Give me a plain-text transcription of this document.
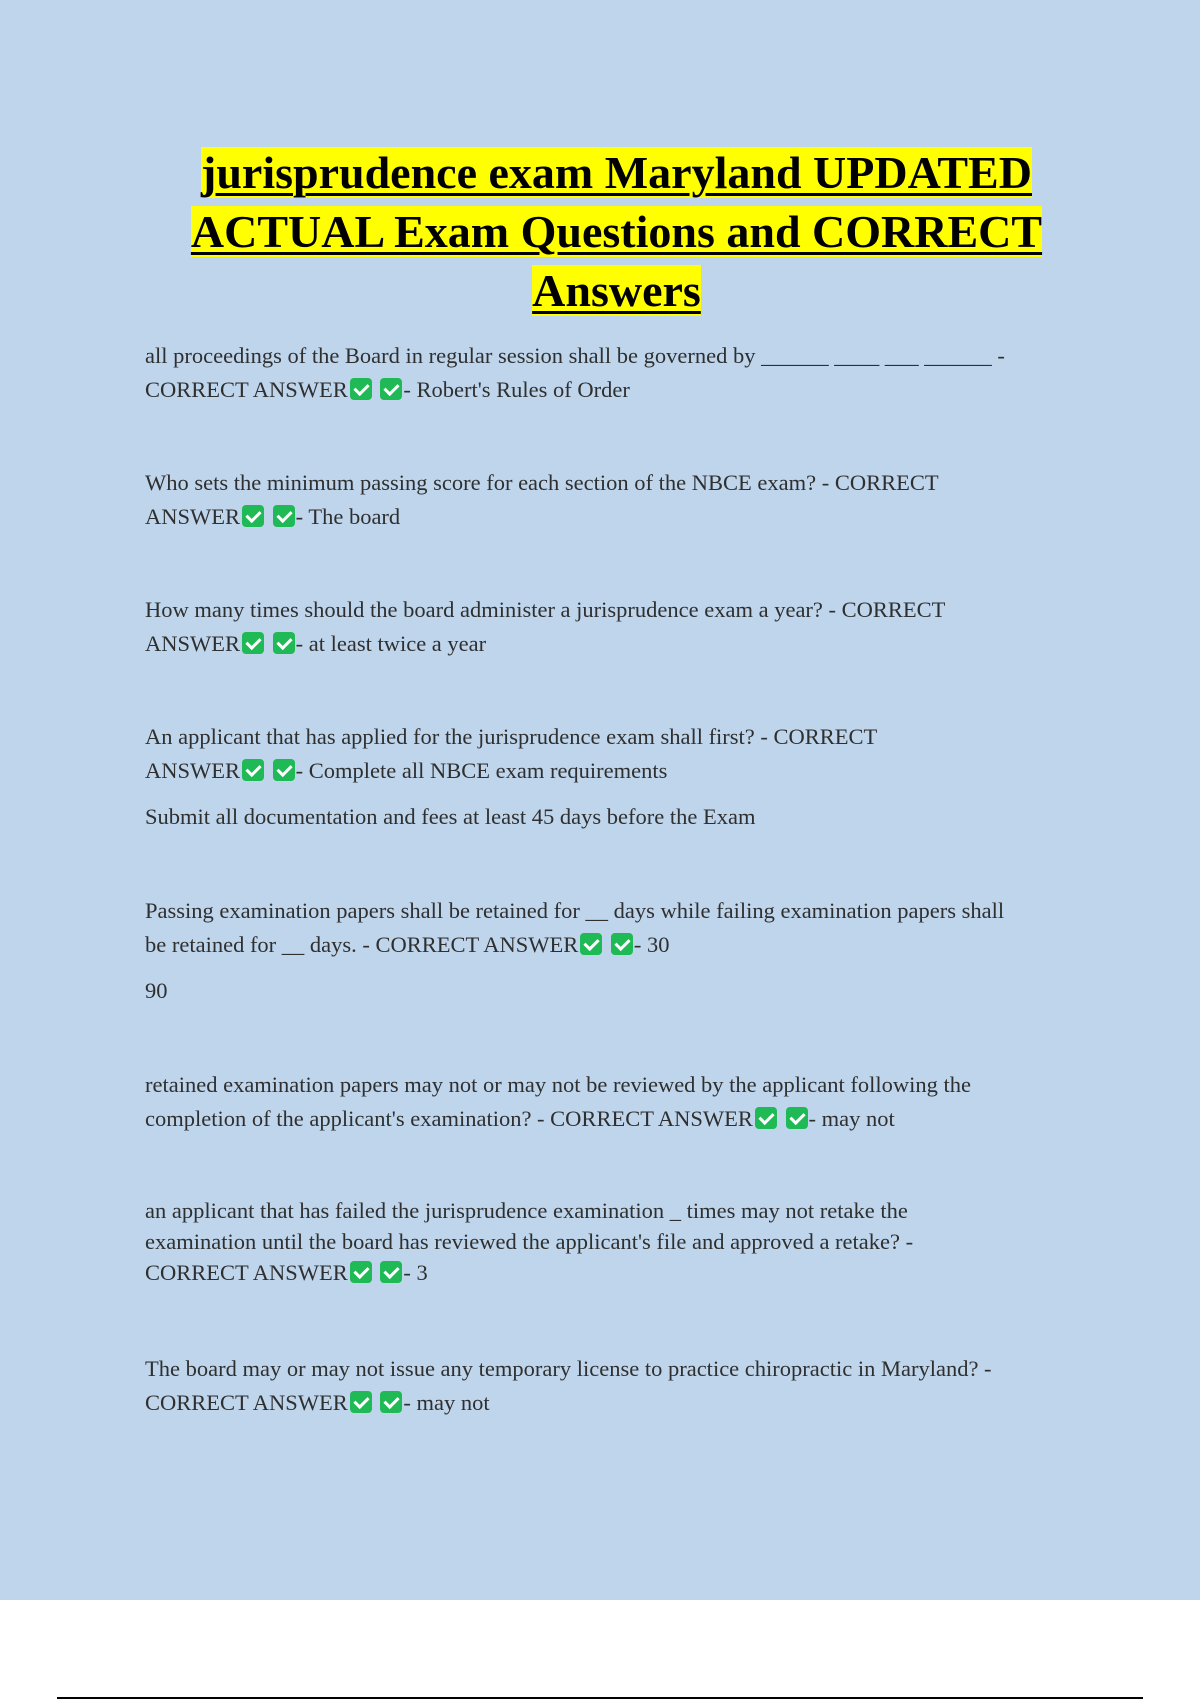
jurisprudence exam Maryland UPDATED
ACTUAL Exam Questions and CORRECT
Answers

all proceedings of the Board in regular session shall be governed by ______ ____ ___ ______ -

CORRECT ANSWER - Robert's Rules of Order

Who sets the minimum passing score for each section of the NBCE exam? - CORRECT

ANSWER - The board

How many times should the board administer a jurisprudence exam a year? - CORRECT

ANSWER - at least twice a year

An applicant that has applied for the jurisprudence exam shall first? - CORRECT

ANSWER - Complete all NBCE exam requirements

Submit all documentation and fees at least 45 days before the Exam

Passing examination papers shall be retained for __ days while failing examination papers shall

be retained for __ days. - CORRECT ANSWER - 30

90

retained examination papers may not or may not be reviewed by the applicant following the

completion of the applicant's examination? - CORRECT ANSWER - may not

an applicant that has failed the jurisprudence examination _ times may not retake the

examination until the board has reviewed the applicant's file and approved a retake? -

CORRECT ANSWER - 3

The board may or may not issue any temporary license to practice chiropractic in Maryland? -

CORRECT ANSWER - may not
